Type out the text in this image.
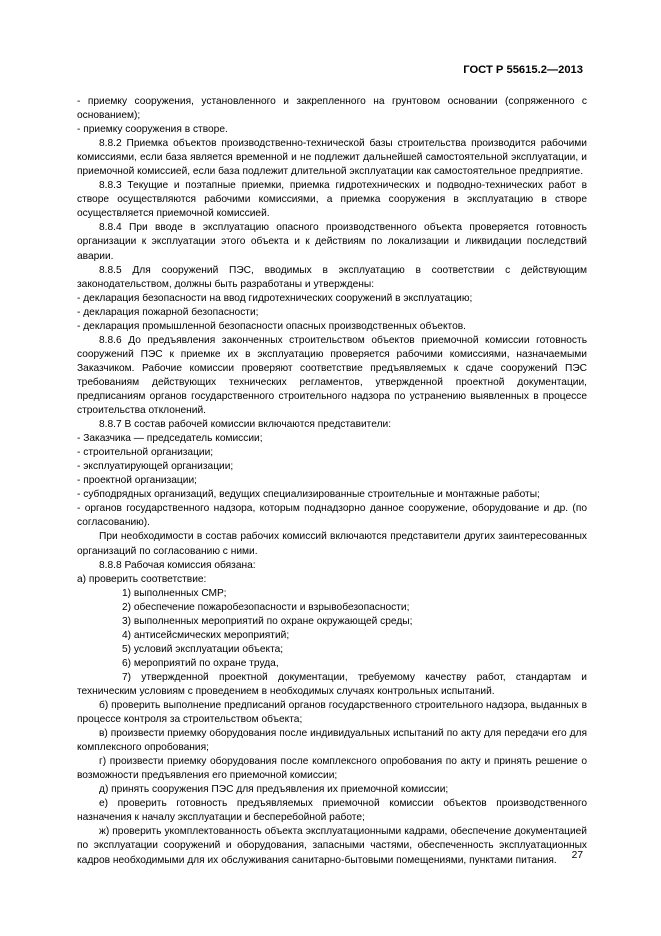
ГОСТ Р 55615.2—2013
- приемку сооружения, установленного и закрепленного на грунтовом основании (сопряженного с основанием);
- приемку сооружения в створе.
8.8.2 Приемка объектов производственно-технической базы строительства производится рабочими комиссиями, если база является временной и не подлежит дальнейшей самостоятельной эксплуатации, и приемочной комиссией, если база подлежит длительной эксплуатации как самостоятельное предприятие.
8.8.3 Текущие и поэтапные приемки, приемка гидротехнических и подводно-технических работ в створе осуществляются рабочими комиссиями, а приемка сооружения в эксплуатацию в створе осуществляется приемочной комиссией.
8.8.4 При вводе в эксплуатацию опасного производственного объекта проверяется готовность организации к эксплуатации этого объекта и к действиям по локализации и ликвидации последствий аварии.
8.8.5 Для сооружений ПЭС, вводимых в эксплуатацию в соответствии с действующим законодательством, должны быть разработаны и утверждены:
- декларация безопасности на ввод гидротехнических сооружений в эксплуатацию;
- декларация пожарной безопасности;
- декларация промышленной безопасности опасных производственных объектов.
8.8.6 До предъявления законченных строительством объектов приемочной комиссии готовность сооружений ПЭС к приемке их в эксплуатацию проверяется рабочими комиссиями, назначаемыми Заказчиком. Рабочие комиссии проверяют соответствие предъявляемых к сдаче сооружений ПЭС требованиям действующих технических регламентов, утвержденной проектной документации, предписаниям органов государственного строительного надзора по устранению выявленных в процессе строительства отклонений.
8.8.7 В состав рабочей комиссии включаются представители:
- Заказчика — председатель комиссии;
- строительной организации;
- эксплуатирующей организации;
- проектной организации;
- субподрядных организаций, ведущих специализированные строительные и монтажные работы;
- органов государственного надзора, которым поднадзорно данное сооружение, оборудование и др. (по согласованию).
При необходимости в состав рабочих комиссий включаются представители других заинтересованных организаций по согласованию с ними.
8.8.8 Рабочая комиссия обязана:
а) проверить соответствие:
1) выполненных СМР;
2) обеспечение пожаробезопасности и взрывобезопасности;
3) выполненных мероприятий по охране окружающей среды;
4) антисейсмических мероприятий;
5) условий эксплуатации объекта;
6) мероприятий по охране труда,
7) утвержденной проектной документации, требуемому качеству работ, стандартам и техническим условиям с проведением в необходимых случаях контрольных испытаний.
б) проверить выполнение предписаний органов государственного строительного надзора, выданных в процессе контроля за строительством объекта;
в) произвести приемку оборудования после индивидуальных испытаний по акту для передачи его для комплексного опробования;
г) произвести приемку оборудования после комплексного опробования по акту и принять решение о возможности предъявления его приемочной комиссии;
д) принять сооружения ПЭС для предъявления их приемочной комиссии;
е) проверить готовность предъявляемых приемочной комиссии объектов производственного назначения к началу эксплуатации и бесперебойной работе;
ж) проверить укомплектованность объекта эксплуатационными кадрами, обеспечение документацией по эксплуатации сооружений и оборудования, запасными частями, обеспеченность эксплуатационных кадров необходимыми для их обслуживания санитарно-бытовыми помещениями, пунктами питания.	27
